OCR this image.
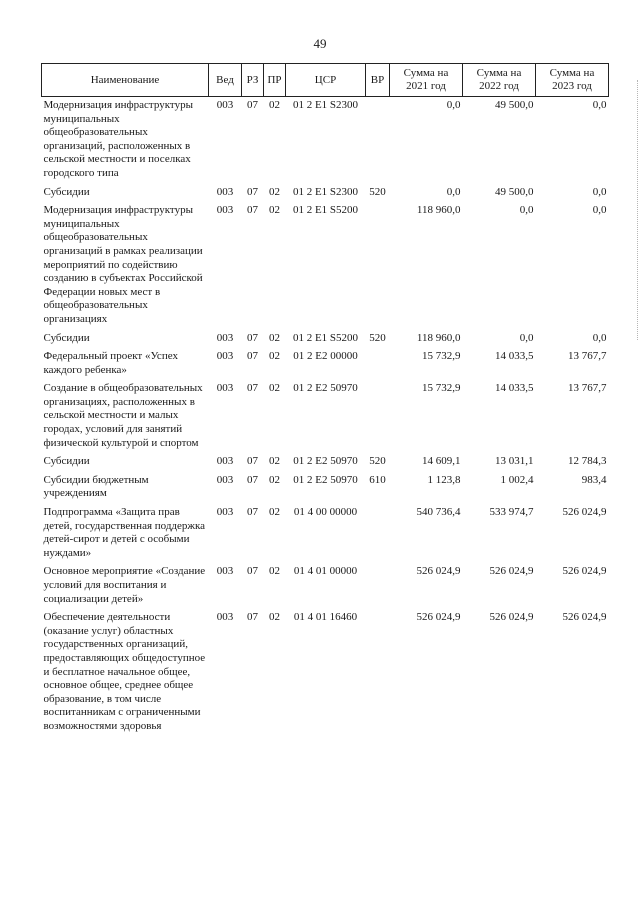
49
Наименование	Вед	РЗ	ПР	ЦСР	ВР	Сумма на 2021 год	Сумма на 2022 год	Сумма на 2023 год
Модернизация инфраструктуры муниципальных общеобразовательных организаций, расположенных в сельской местности и поселках городского типа	003	07	02	01 2 E1 S2300		0,0	49 500,0	0,0
Субсидии	003	07	02	01 2 E1 S2300	520	0,0	49 500,0	0,0
Модернизация инфраструктуры муниципальных общеобразовательных организаций в рамках реализации мероприятий по содействию созданию в субъектах Российской Федерации новых мест в общеобразовательных организациях	003	07	02	01 2 E1 S5200		118 960,0	0,0	0,0
Субсидии	003	07	02	01 2 E1 S5200	520	118 960,0	0,0	0,0
Федеральный проект «Успех каждого ребенка»	003	07	02	01 2 E2 00000		15 732,9	14 033,5	13 767,7
Создание в общеобразовательных организациях, расположенных в сельской местности и малых городах, условий для занятий физической культурой и спортом	003	07	02	01 2 E2 50970		15 732,9	14 033,5	13 767,7
Субсидии	003	07	02	01 2 E2 50970	520	14 609,1	13 031,1	12 784,3
Субсидии бюджетным учреждениям	003	07	02	01 2 E2 50970	610	1 123,8	1 002,4	983,4
Подпрограмма «Защита прав детей, государственная поддержка детей-сирот и детей с особыми нуждами»	003	07	02	01 4 00 00000		540 736,4	533 974,7	526 024,9
Основное мероприятие «Создание условий для воспитания и социализации детей»	003	07	02	01 4 01 00000		526 024,9	526 024,9	526 024,9
Обеспечение деятельности (оказание услуг) областных государственных организаций, предоставляющих общедоступное и бесплатное начальное общее, основное общее, среднее общее образование, в том числе воспитанникам с ограниченными возможностями здоровья	003	07	02	01 4 01 16460		526 024,9	526 024,9	526 024,9
